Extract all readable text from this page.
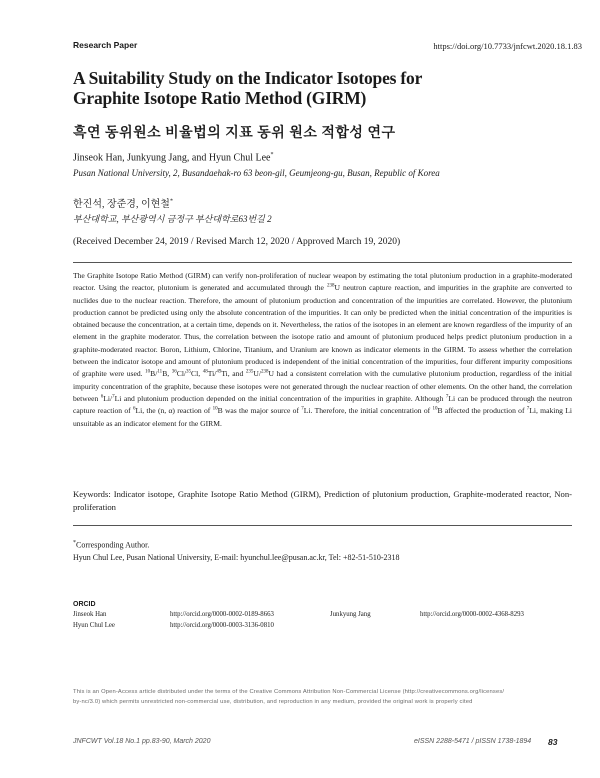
Research Paper	https://doi.org/10.7733/jnfcwt.2020.18.1.83
A Suitability Study on the Indicator Isotopes for
Graphite Isotope Ratio Method (GIRM)
흑연 동위원소 비율법의 지표 동위 원소 적합성 연구
Jinseok Han, Junkyung Jang, and Hyun Chul Lee*
Pusan National University, 2, Busandaehak-ro 63 beon-gil, Geumjeong-gu, Busan, Republic of Korea
한진석, 장준경, 이현철*
부산대학교, 부산광역시 금정구 부산대학로63번길 2
(Received December 24, 2019 / Revised March 12, 2020 / Approved March 19, 2020)
The Graphite Isotope Ratio Method (GIRM) can verify non-proliferation of nuclear weapon by estimating the total plutonium production in a graphite-moderated reactor. Using the reactor, plutonium is generated and accumulated through the $^{238}$U neutron capture reaction, and impurities in the graphite are converted to nuclides due to the nuclear reaction. Therefore, the amount of plutonium production and concentration of the impurities are correlated. However, the plutonium production cannot be predicted using only the absolute concentration of the impurities. It can only be predicted when the initial concentration of the impurities is obtained because the concentration, at a certain time, depends on it. Nevertheless, the ratios of the isotopes in an element are known regardless of the impurity of an element in the graphite moderator. Thus, the correlation between the isotope ratio and amount of plutonium produced helps predict plutonium production in a graphite-moderated reactor. Boron, Lithium, Chlorine, Titanium, and Uranium are known as indicator elements in the GIRM. To assess whether the correlation between the indicator isotope and amount of plutonium produced is independent of the initial concentration of the impurities, four different impurity compositions of graphite were used. $^{10}$B/$^{11}$B, $^{36}$Cl/$^{35}$Cl, $^{48}$Ti/$^{49}$Ti, and $^{235}$U/$^{238}$U had a consistent correlation with the cumulative plutonium production, regardless of the initial impurity concentration of the graphite, because these isotopes were not generated through the nuclear reaction of other elements. On the other hand, the correlation between $^6$Li/$^7$Li and plutonium production depended on the initial concentration of the impurities in graphite. Although $^7$Li can be produced through the neutron capture reaction of $^6$Li, the (n, α) reaction of $^{10}$B was the major source of $^7$Li. Therefore, the initial concentration of $^{10}$B affected the production of $^7$Li, making Li unsuitable as an indicator element for the GIRM.
Keywords: Indicator isotope, Graphite Isotope Ratio Method (GIRM), Prediction of plutonium production, Graphite-moderated reactor, Non-proliferation
*Corresponding Author.
Hyun Chul Lee, Pusan National University, E-mail: hyunchul.lee@pusan.ac.kr, Tel: +82-51-510-2318
ORCID
Jinseok Han	http://orcid.org/0000-0002-0189-8663	Junkyung Jang	http://orcid.org/0000-0002-4368-8293
Hyun Chul Lee	http://orcid.org/0000-0003-3136-0810
This is an Open-Access article distributed under the terms of the Creative Commons Attribution Non-Commercial License (http://creativecommons.org/licenses/
by-nc/3.0) which permits unrestricted non-commercial use, distribution, and reproduction in any medium, provided the original work is properly cited
JNFCWT Vol.18 No.1 pp.83-90, March 2020	eISSN 2288-5471 / pISSN 1738-1894 83
